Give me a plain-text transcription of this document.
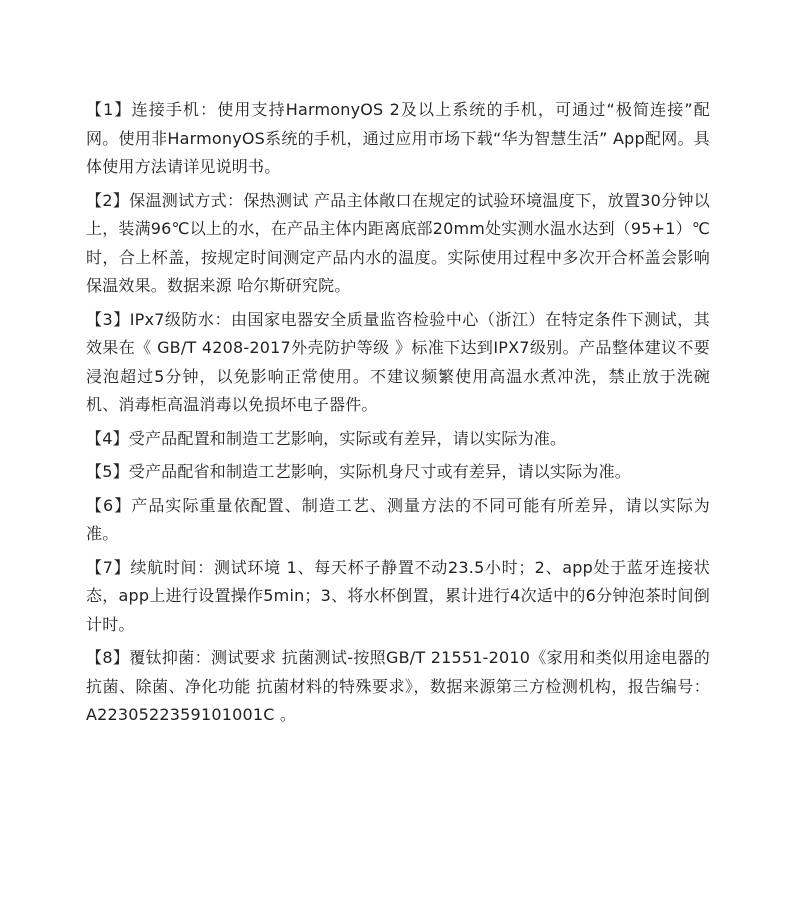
【1】连接手机：使用支持HarmonyOS 2及以上系统的手机，可通过“极简连接”配网。使用非HarmonyOS系统的手机，通过应用市场下载“华为智慧生活” App配网。具体使用方法请详见说明书。

【2】保温测试方式：保热测试 产品主体敞口在规定的试验环境温度下，放置30分钟以上，装满96℃以上的水，在产品主体内距离底部20mm处实测水温水达到（95+1）℃时，合上杯盖，按规定时间测定产品内水的温度。实际使用过程中多次开合杯盖会影响保温效果。数据来源 哈尔斯研究院。

【3】IPx7级防水：由国家电器安全质量监咨检验中心（浙江）在特定条件下测试，其效果在《 GB/T 4208-2017外壳防护等级 》标准下达到IPX7级别。产品整体建议不要浸泡超过5分钟，以免影响正常使用。不建议频繁使用高温水煮冲洗，禁止放于洗碗机、消毒柜高温消毒以免损坏电子器件。

【4】受产品配置和制造工艺影响，实际或有差异，请以实际为准。

【5】受产品配省和制造工艺影响，实际机身尺寸或有差异，请以实际为准。

【6】产品实际重量依配置、制造工艺、测量方法的不同可能有所差异，请以实际为准。

【7】续航时间：测试环境 1、每天杯子静置不动23.5小时；2、app处于蓝牙连接状态，app上进行设置操作5min；3、将水杯倒置，累计进行4次适中的6分钟泡茶时间倒计时。

【8】覆钛抑菌：测试要求 抗菌测试-按照GB/T 21551-2010《家用和类似用途电器的抗菌、除菌、净化功能 抗菌材料的特殊要求》，数据来源第三方检测机构，报告编号：A2230522359101001C 。
